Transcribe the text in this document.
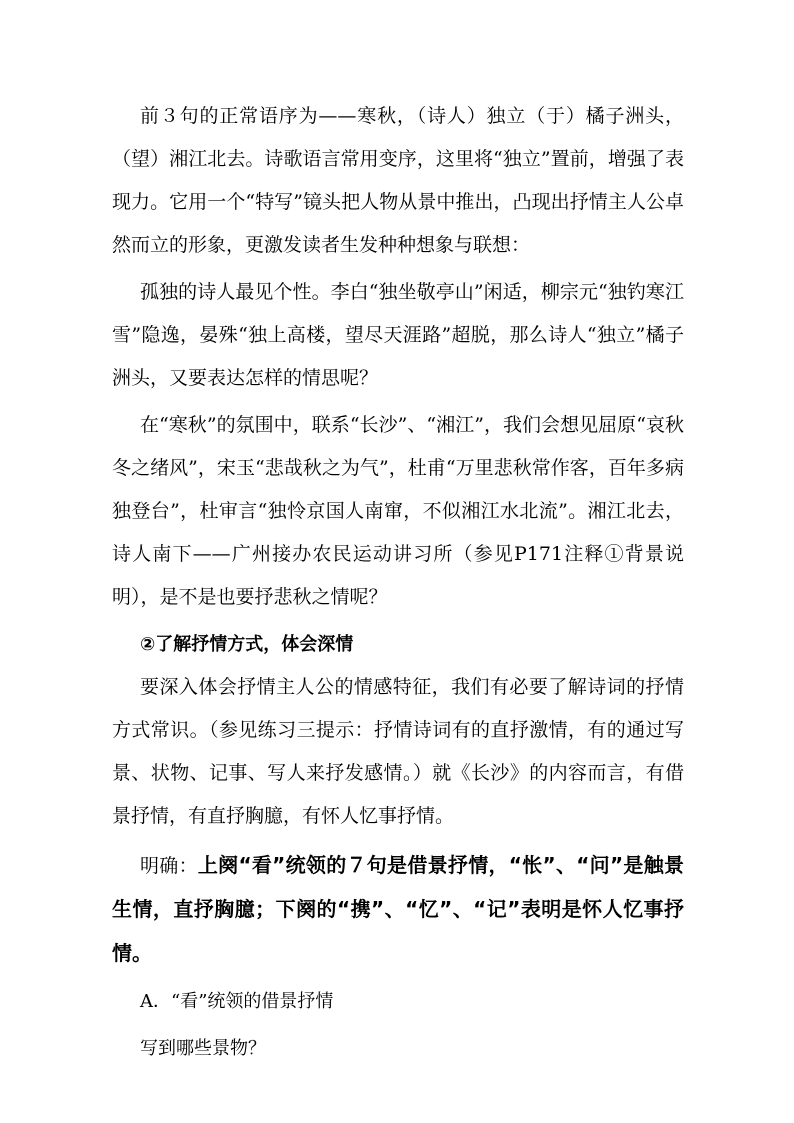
前３句的正常语序为——寒秋，（诗人）独立（于）橘子洲头，（望）湘江北去。诗歌语言常用变序，这里将“独立”置前，增强了表现力。它用一个“特写”镜头把人物从景中推出，凸现出抒情主人公卓然而立的形象，更激发读者生发种种想象与联想：

孤独的诗人最见个性。李白“独坐敬亭山”闲适，柳宗元“独钓寒江雪”隐逸，晏殊“独上高楼，望尽天涯路”超脱，那么诗人“独立”橘子洲头，又要表达怎样的情思呢？

在“寒秋”的氛围中，联系“长沙”、“湘江”，我们会想见屈原“哀秋冬之绪风”，宋玉“悲哉秋之为气”，杜甫“万里悲秋常作客，百年多病独登台”，杜审言“独怜京国人南窜，不似湘江水北流”。湘江北去，诗人南下——广州接办农民运动讲习所（参见P171注释①背景说明），是不是也要抒悲秋之情呢？

②了解抒情方式，体会深情

要深入体会抒情主人公的情感特征，我们有必要了解诗词的抒情方式常识。（参见练习三提示：抒情诗词有的直抒激情，有的通过写景、状物、记事、写人来抒发感情。）就《长沙》的内容而言，有借景抒情，有直抒胸臆，有怀人忆事抒情。

明确：上阕“看”统领的７句是借景抒情，“怅”、“问”是触景生情，直抒胸臆；下阕的“携”、“忆”、“记”表明是怀人忆事抒情。

A．“看”统领的借景抒情

写到哪些景物？
